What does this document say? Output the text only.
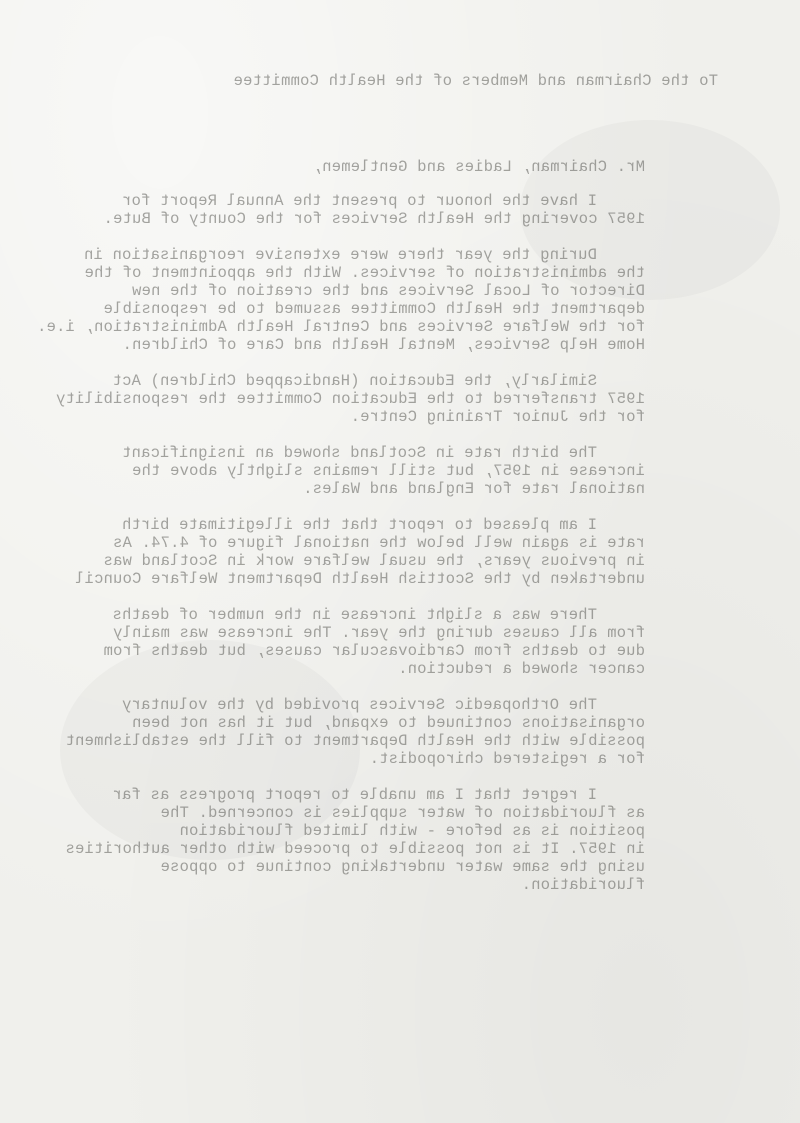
To the Chairman and Members of the Health Committee
Mr. Chairman, Ladies and Gentlemen,
I have the honour to present the Annual Report for
1957 covering the Health Services for the County of Bute.
During the year there were extensive reorganisation in
the administration of services. With the appointment of the
Director of Local Services and the creation of the new
department the Health Committee assumed to be responsible
for the Welfare Services and Central Health Administration, i.e.
Home Help Services, Mental Health and Care of Children.
Similarly, the Education (Handicapped Children) Act
1957 transferred to the Education Committee the responsibility
for the Junior Training Centre.
The birth rate in Scotland showed an insignificant
increase in 1957, but still remains slightly above the
national rate for England and Wales.
I am pleased to report that the illegitimate birth
rate is again well below the national figure of 4.74. As
in previous years, the usual welfare work in Scotland was
undertaken by the Scottish Health Department Welfare Council
There was a slight increase in the number of deaths
from all causes during the year. The increase was mainly
due to deaths from Cardiovascular causes, but deaths from
cancer showed a reduction.
The Orthopaedic Services provided by the voluntary
organisations continued to expand, but it has not been
possible with the Health Department to fill the establishment
for a registered chiropodist.
I regret that I am unable to report progress as far
as fluoridation of water supplies is concerned. The
position is as before - with limited fluoridation
in 1957. It is not possible to proceed with other authorities
using the same water undertaking continue to oppose
fluoridation.
